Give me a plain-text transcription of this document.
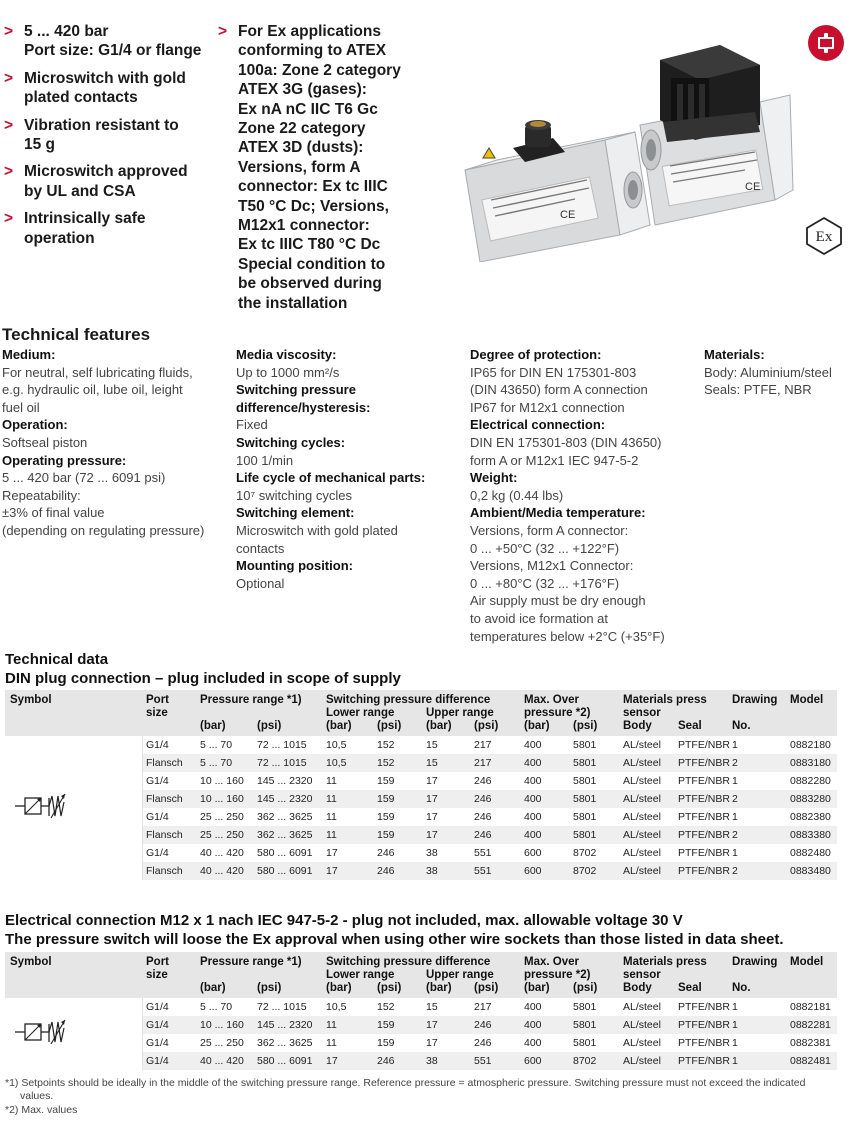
> 5 ... 420 bar
Port size: G1/4 or flange
> Microswitch with gold
plated contacts
> Vibration resistant to
15 g
> Microswitch approved
by UL and CSA
> Intrinsically safe
operation
> For Ex applications
conforming to ATEX
100a: Zone 2 category
ATEX 3G (gases):
Ex nA nC IIC T6 Gc
Zone 22 category
ATEX 3D (dusts):
Versions, form A
connector: Ex tc IIIC
T50 °C Dc; Versions,
M12x1 connector:
Ex tc IIIC T80 °C Dc
Special condition to
be observed during
the installation
CE
CE
Ex
Technical features
Medium:
For neutral, self lubricating fluids,
e.g. hydraulic oil, lube oil, leight
fuel oil
Operation:
Softseal piston
Operating pressure:
5 ... 420 bar (72 ... 6091 psi)
Repeatability:
±3% of final value
(depending on regulating pressure)
Media viscosity:
Up to 1000 mm²/s
Switching pressure difference/hysteresis:
Fixed
Switching cycles:
100 1/min
Life cycle of mechanical parts:
10⁷ switching cycles
Switching element:
Microswitch with gold plated
contacts
Mounting position:
Optional
Degree of protection:
IP65 for DIN EN 175301-803
(DIN 43650) form A connection
IP67 for M12x1 connection
Electrical connection:
DIN EN 175301-803 (DIN 43650)
form A or M12x1 IEC 947-5-2
Weight:
0,2 kg (0.44 lbs)
Ambient/Media temperature:
Versions, form A connector:
0 ... +50°C (32 ... +122°F)
Versions, M12x1 Connector:
0 ... +80°C (32 ... +176°F)
Air supply must be dry enough
to avoid ice formation at
temperatures below +2°C (+35°F)
Materials:
Body: Aluminium/steel
Seals: PTFE, NBR
Technical data
DIN plug connection – plug included in scope of supply
Symbol	Port
size
Pressure range *1)
(bar)	(psi)
Switching pressure difference
Lower range	Upper range
(bar) (psi) (bar) (psi)
Max. Over
pressure *2)
(bar) (psi)
Materials press
sensor
Body Seal
Drawing
No.
Model
Flansch 40 ... 420 580 ... 6091 17	246	38	551	600	8702	AL/steel PTFE/NBR 2	0883480
G1/4	40 ... 420 580 ... 6091 17	246	38	551	600	8702	AL/steel PTFE/NBR 1	0882480
Flansch 25 ... 250 362 ... 3625 11	159	17	246	400	5801	AL/steel PTFE/NBR 2	0883380
G1/4	25 ... 250 362 ... 3625 11	159	17	246	400	5801	AL/steel PTFE/NBR 1	0882380
Flansch 10 ... 160 145 ... 2320 11	159	17	246	400	5801	AL/steel PTFE/NBR 2	0883280
G1/4	10 ... 160 145 ... 2320 11	159	17	246	400	5801	AL/steel PTFE/NBR 1	0882280
Flansch 5 ... 70 72 ... 1015 10,5	152	15	217	400	5801	AL/steel PTFE/NBR 2	0883180
G1/4	5 ... 70 72 ... 1015 10,5	152	15	217	400	5801	AL/steel PTFE/NBR 1	0882180
Electrical connection M12 x 1 nach IEC 947-5-2 - plug not included, max. allowable voltage 30 V
The pressure switch will loose the Ex approval when using other wire sockets than those listed in data sheet.
Symbol	Port
size
Pressure range *1)
(bar)	(psi)
Switching pressure difference
Lower range	Upper range
(bar) (psi) (bar) (psi)
Max. Over
pressure *2)
(bar) (psi)
Materials press
sensor
Body Seal
Drawing
No.
Model
G1/4	40 ... 420 580 ... 6091 17	246	38	551	600	8702	AL/steel PTFE/NBR 1	0882481
G1/4	25 ... 250 362 ... 3625 11	159	17	246	400	5801	AL/steel PTFE/NBR 1	0882381
G1/4	10 ... 160 145 ... 2320 11	159	17	246	400	5801	AL/steel PTFE/NBR 1	0882281
G1/4	5 ... 70 72 ... 1015 10,5	152	15	217	400	5801	AL/steel PTFE/NBR 1	0882181
*1) Setpoints should be ideally in the middle of the switching pressure range. Reference pressure = atmospheric pressure. Switching pressure must not exceed the indicated
values.
*2) Max. values
